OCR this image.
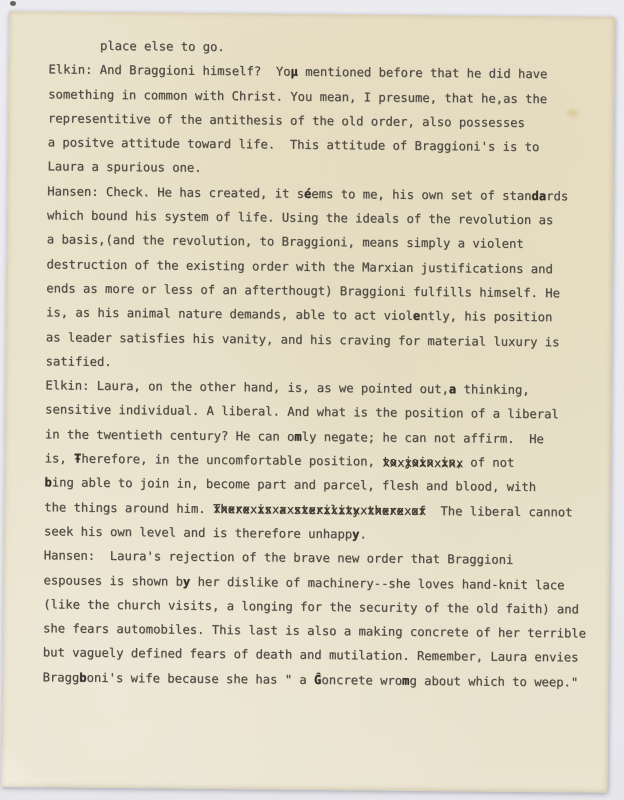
place else to go.
Elkin: And Braggioni himself?  Yoµ mentioned before that he did have
something in common with Christ. You mean, I presume, that he,as the
representitive of the antithesis of the old order, also possesses
a positve attitude toward life.  This attitude of Braggioni's is to
Laura a spurious one.
Hansen: Check. He has created, it séems to me, his own set of standards
which bound his system of life. Using the ideals of the revolution as
a basis,(and the revolution, to Braggioni, means simply a violent
destruction of the existing order with the Marxian justifications and
ends as more or less of an afterthougt) Braggioni fulfills himself. He
is, as his animal nature demands, able to act violently, his position
as leader satisfies his vanity, and his craving for material luxury is
satified.
Elkin: Laura, on the other hand, is, as we pointed out,a thinking,
sensitive individual. A liberal. And what is the position of a liberal
in the twentieth century? He can omly negate; he can not affirm.  He
is, Ŧherefore, in the uncomfortable position, to join in, xxxxxxxxxxx of not
bing able to join in, become part and parcel, flesh and blood, with
the things around him. There is a sterility there of xxxxxxxxxxxxxxxxxxxxxxxxxxxxx  The liberal cannot
seek his own level and is therefore unhappy.
Hansen:  Laura's rejection of the brave new order that Braggioni
espouses is shown by her dislike of machinery--she loves hand-knit lace
(like the church visits, a longing for the security of the old faith) and
she fears automobiles. This last is also a making concrete of her terrible
but vaguely defined fears of death and mutilation. Remember, Laura envies
Braggboni's wife because she has " a Ĝoncrete wromg about which to weep."
